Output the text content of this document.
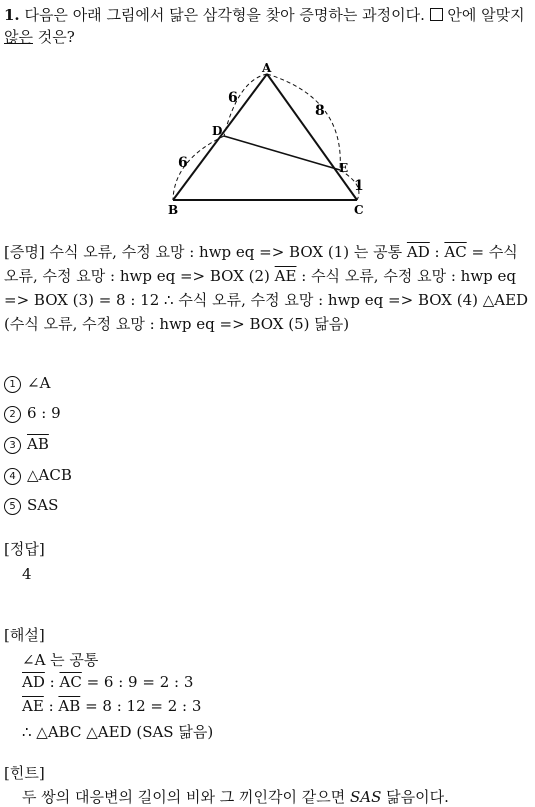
1. 다음은 아래 그림에서 닮은 삼각형을 찾아 증명하는 과정이다. 안에 알맞지 않은 것은?
A
D
E
B	C
6
6
8
1
[증명] 수식 오류, 수정 요망 : hwp eq => BOX (1) 는 공통 $\overline{AD}$ : $\overline{AC}$ = 수식 오류, 수정 요망 : hwp eq => BOX (2) $\overline{AE}$ : 수식 오류, 수정 요망 : hwp eq => BOX (3) = 8 : 12 ∴ 수식 오류, 수정 요망 : hwp eq => BOX (4) △AED (수식 오류, 수정 요망 : hwp eq => BOX (5) 닮음)
1 ∠A
2 6 : 9
3 $\overline{AB}$
4 △ACB
5 SAS
[정답]
4
[해설]
∠A 는 공통
$\overline{AD}$ : $\overline{AC} = 6$ : 9 = 2 : 3
$\overline{AE}$ : $\overline{AB} = 8$ : 12 = 2 : 3
∴ △ABC △AED (SAS 닮음)
[힌트]
두 쌍의 대응변의 길이의 비와 그 끼인각이 같으면 SAS 닮음이다.
